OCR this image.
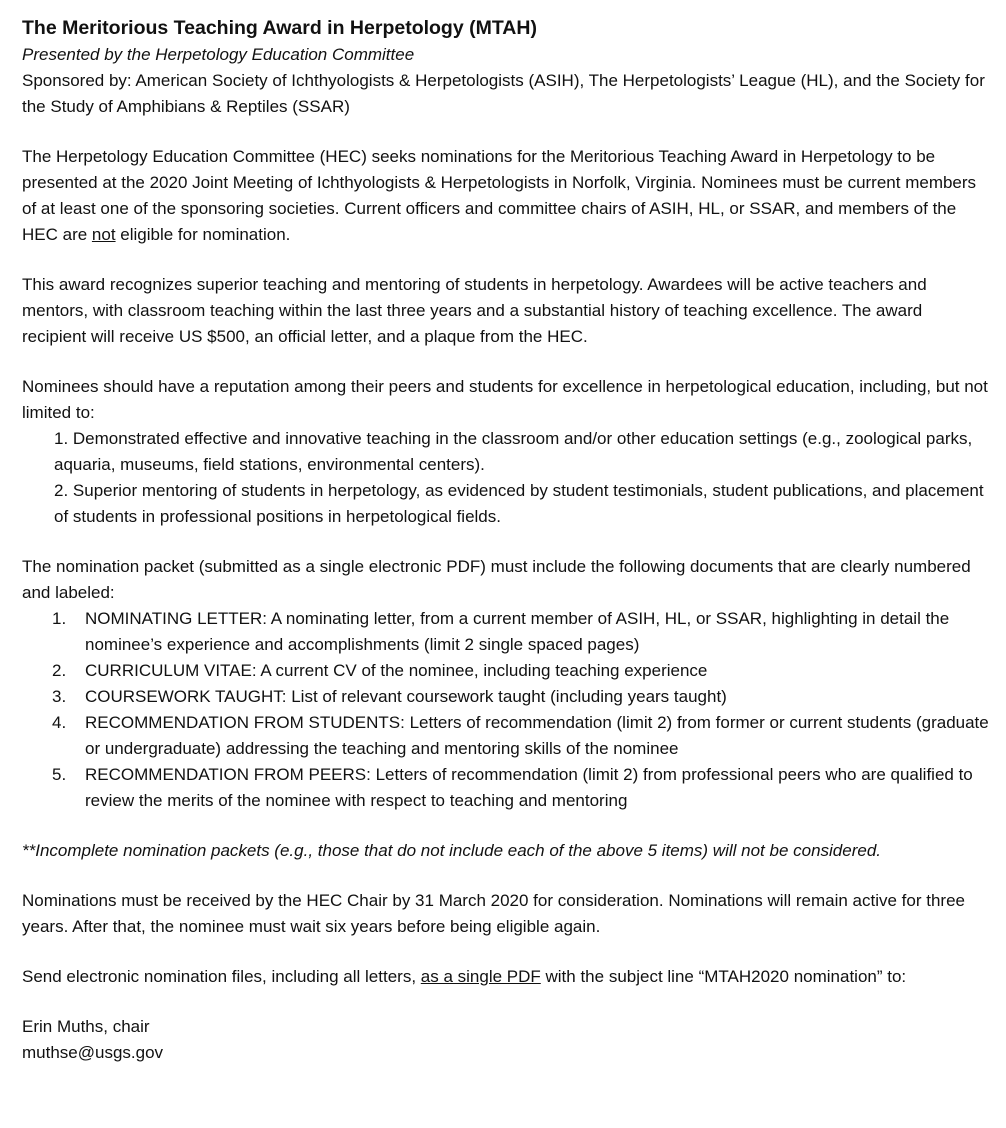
The Meritorious Teaching Award in Herpetology (MTAH)

Presented by the Herpetology Education Committee

Sponsored by: American Society of Ichthyologists & Herpetologists (ASIH), The Herpetologists’ League (HL), and the Society for the Study of Amphibians & Reptiles (SSAR)

The Herpetology Education Committee (HEC) seeks nominations for the Meritorious Teaching Award in Herpetology to be presented at the 2020 Joint Meeting of Ichthyologists & Herpetologists in Norfolk, Virginia. Nominees must be current members of at least one of the sponsoring societies. Current officers and committee chairs of ASIH, HL, or SSAR, and members of the HEC are not eligible for nomination.

This award recognizes superior teaching and mentoring of students in herpetology. Awardees will be active teachers and mentors, with classroom teaching within the last three years and a substantial history of teaching excellence. The award recipient will receive US $500, an official letter, and a plaque from the HEC.

Nominees should have a reputation among their peers and students for excellence in herpetological education, including, but not limited to:

1. Demonstrated effective and innovative teaching in the classroom and/or other education settings (e.g., zoological parks, aquaria, museums, field stations, environmental centers).

2. Superior mentoring of students in herpetology, as evidenced by student testimonials, student publications, and placement of students in professional positions in herpetological fields.

The nomination packet (submitted as a single electronic PDF) must include the following documents that are clearly numbered and labeled:

1. NOMINATING LETTER: A nominating letter, from a current member of ASIH, HL, or SSAR, highlighting in detail the nominee’s experience and accomplishments (limit 2 single spaced pages)
2. CURRICULUM VITAE: A current CV of the nominee, including teaching experience
3. COURSEWORK TAUGHT: List of relevant coursework taught (including years taught)
4. RECOMMENDATION FROM STUDENTS: Letters of recommendation (limit 2) from former or current students (graduate or undergraduate) addressing the teaching and mentoring skills of the nominee
5. RECOMMENDATION FROM PEERS: Letters of recommendation (limit 2) from professional peers who are qualified to review the merits of the nominee with respect to teaching and mentoring

**Incomplete nomination packets (e.g., those that do not include each of the above 5 items) will not be considered.

Nominations must be received by the HEC Chair by 31 March 2020 for consideration. Nominations will remain active for three years. After that, the nominee must wait six years before being eligible again.

Send electronic nomination files, including all letters, as a single PDF with the subject line “MTAH2020 nomination” to:

Erin Muths, chair

muthse@usgs.gov
